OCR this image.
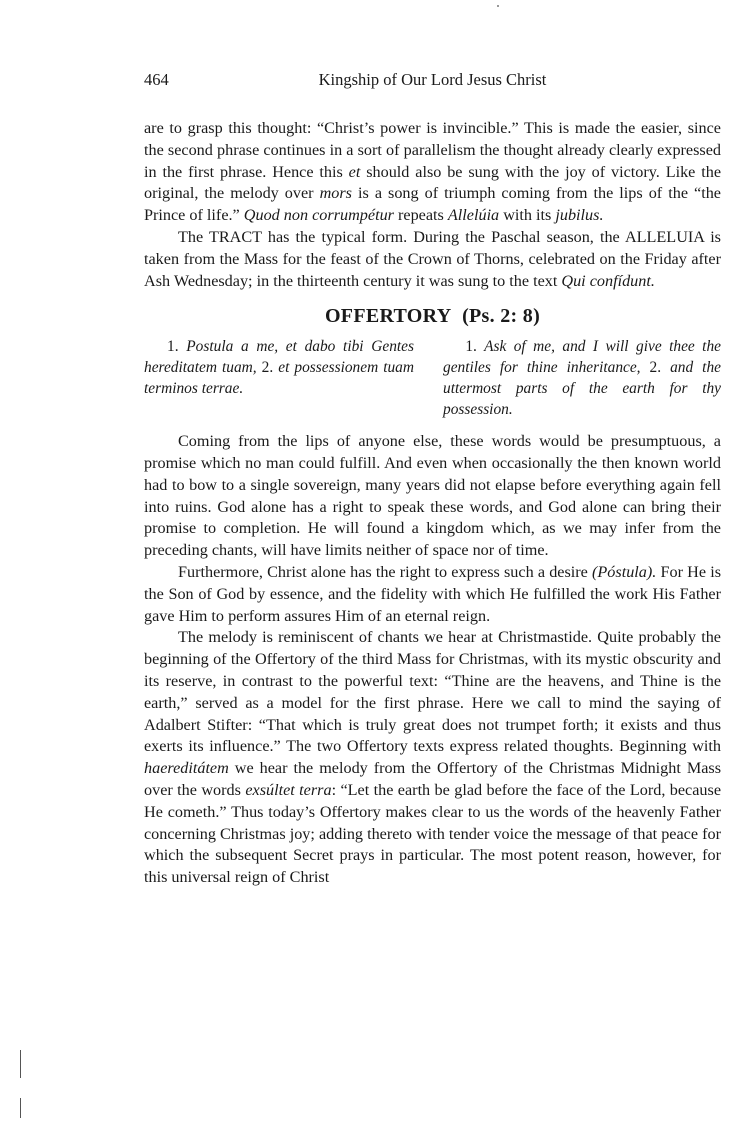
464	Kingship of Our Lord Jesus Christ

are to grasp this thought: “Christ’s power is invincible.” This is made the easier, since the second phrase continues in a sort of parallelism the thought already clearly expressed in the first phrase. Hence this et should also be sung with the joy of victory. Like the original, the melody over mors is a song of triumph coming from the lips of the “the Prince of life.” Quod non corrumpétur repeats Allelúia with its jubilus.

The TRACT has the typical form. During the Paschal season, the ALLELUIA is taken from the Mass for the feast of the Crown of Thorns, celebrated on the Friday after Ash Wednesday; in the thirteenth century it was sung to the text Qui confídunt.

OFFERTORY (Ps. 2: 8)
1. Postula a me, et dabo tibi Gentes hereditatem tuam, 2. et possessionem tuam terminos terrae.
1. Ask of me, and I will give thee the gentiles for thine inheritance, 2. and the uttermost parts of the earth for thy possession.

Coming from the lips of anyone else, these words would be presumptuous, a promise which no man could fulfill. And even when occasionally the then known world had to bow to a single sovereign, many years did not elapse before everything again fell into ruins. God alone has a right to speak these words, and God alone can bring their promise to completion. He will found a kingdom which, as we may infer from the preceding chants, will have limits neither of space nor of time.

Furthermore, Christ alone has the right to express such a desire (Póstula). For He is the Son of God by essence, and the fidelity with which He fulfilled the work His Father gave Him to perform assures Him of an eternal reign.

The melody is reminiscent of chants we hear at Christmastide. Quite probably the beginning of the Offertory of the third Mass for Christmas, with its mystic obscurity and its reserve, in contrast to the powerful text: “Thine are the heavens, and Thine is the earth,” served as a model for the first phrase. Here we call to mind the saying of Adalbert Stifter: “That which is truly great does not trumpet forth; it exists and thus exerts its influence.” The two Offertory texts express related thoughts. Beginning with haereditátem we hear the melody from the Offertory of the Christmas Midnight Mass over the words exsúltet terra: “Let the earth be glad before the face of the Lord, because He cometh.” Thus today’s Offertory makes clear to us the words of the heavenly Father concerning Christmas joy; adding thereto with tender voice the message of that peace for which the subsequent Secret prays in particular. The most potent reason, however, for this universal reign of Christ
